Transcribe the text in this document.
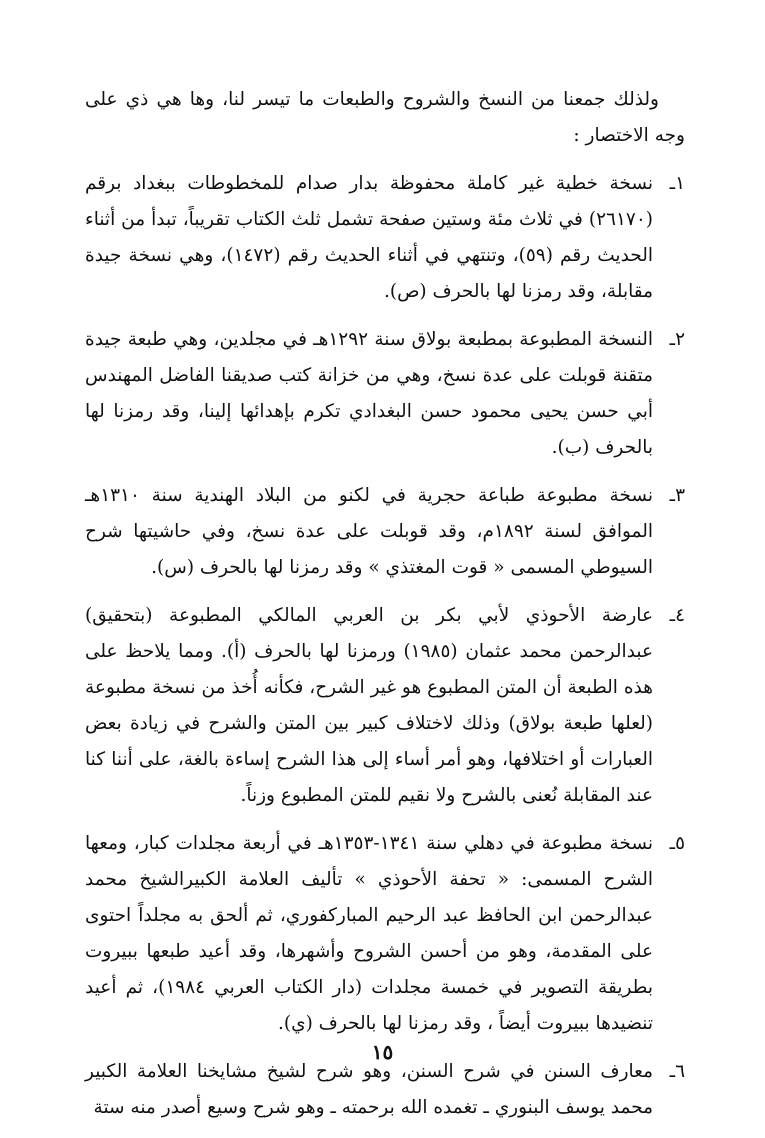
ولذلك جمعنا من النسخ والشروح والطبعات ما تيسر لنا، وها هي ذي على وجه الاختصار :

١ـ
نسخة خطية غير كاملة محفوظة بدار صدام للمخطوطات ببغداد برقم (٢٦١٧٠) في ثلاث مئة وستين صفحة تشمل ثلث الكتاب تقريباً، تبدأ من أثناء الحديث رقم (٥٩)، وتنتهي في أثناء الحديث رقم (١٤٧٢)، وهي نسخة جيدة مقابلة، وقد رمزنا لها بالحرف (ص).
٢ـ
النسخة المطبوعة بمطبعة بولاق سنة ١٢٩٢هـ في مجلدين، وهي طبعة جيدة متقنة قوبلت على عدة نسخ، وهي من خزانة كتب صديقنا الفاضل المهندس أبي حسن يحيى محمود حسن البغدادي تكرم بإهدائها إلينا، وقد رمزنا لها بالحرف (ب).
٣ـ
نسخة مطبوعة طباعة حجرية في لكنو من البلاد الهندية سنة ١٣١٠هـ الموافق لسنة ١٨٩٢م، وقد قوبلت على عدة نسخ، وفي حاشيتها شرح السيوطي المسمى « قوت المغتذي » وقد رمزنا لها بالحرف (س).
٤ـ
عارضة الأحوذي لأبي بكر بن العربي المالكي المطبوعة (بتحقيق) عبدالرحمن محمد عثمان (١٩٨٥) ورمزنا لها بالحرف (أ). ومما يلاحظ على هذه الطبعة أن المتن المطبوع هو غير الشرح، فكأنه أُخذ من نسخة مطبوعة (لعلها طبعة بولاق) وذلك لاختلاف كبير بين المتن والشرح في زيادة بعض العبارات أو اختلافها، وهو أمر أساء إلى هذا الشرح إساءة بالغة، على أننا كنا عند المقابلة نُعنى بالشرح ولا نقيم للمتن المطبوع وزناً.
٥ـ
نسخة مطبوعة في دهلي سنة ١٣٤١-١٣٥٣هـ في أربعة مجلدات كبار، ومعها الشرح المسمى: « تحفة الأحوذي » تأليف العلامة الكبيرالشيخ محمد عبدالرحمن ابن الحافظ عبد الرحيم المباركفوري، ثم ألحق به مجلداً احتوى على المقدمة، وهو من أحسن الشروح وأشهرها، وقد أعيد طبعها ببيروت بطريقة التصوير في خمسة مجلدات (دار الكتاب العربي ١٩٨٤)، ثم أعيد تنضيدها ببيروت أيضاً ، وقد رمزنا لها بالحرف (ي).
٦ـ
معارف السنن في شرح السنن، وهو شرح لشيخ مشايخنا العلامة الكبير محمد يوسف البنوري ـ تغمده الله برحمته ـ وهو شرح وسيع أصدر منه ستة
١٥
